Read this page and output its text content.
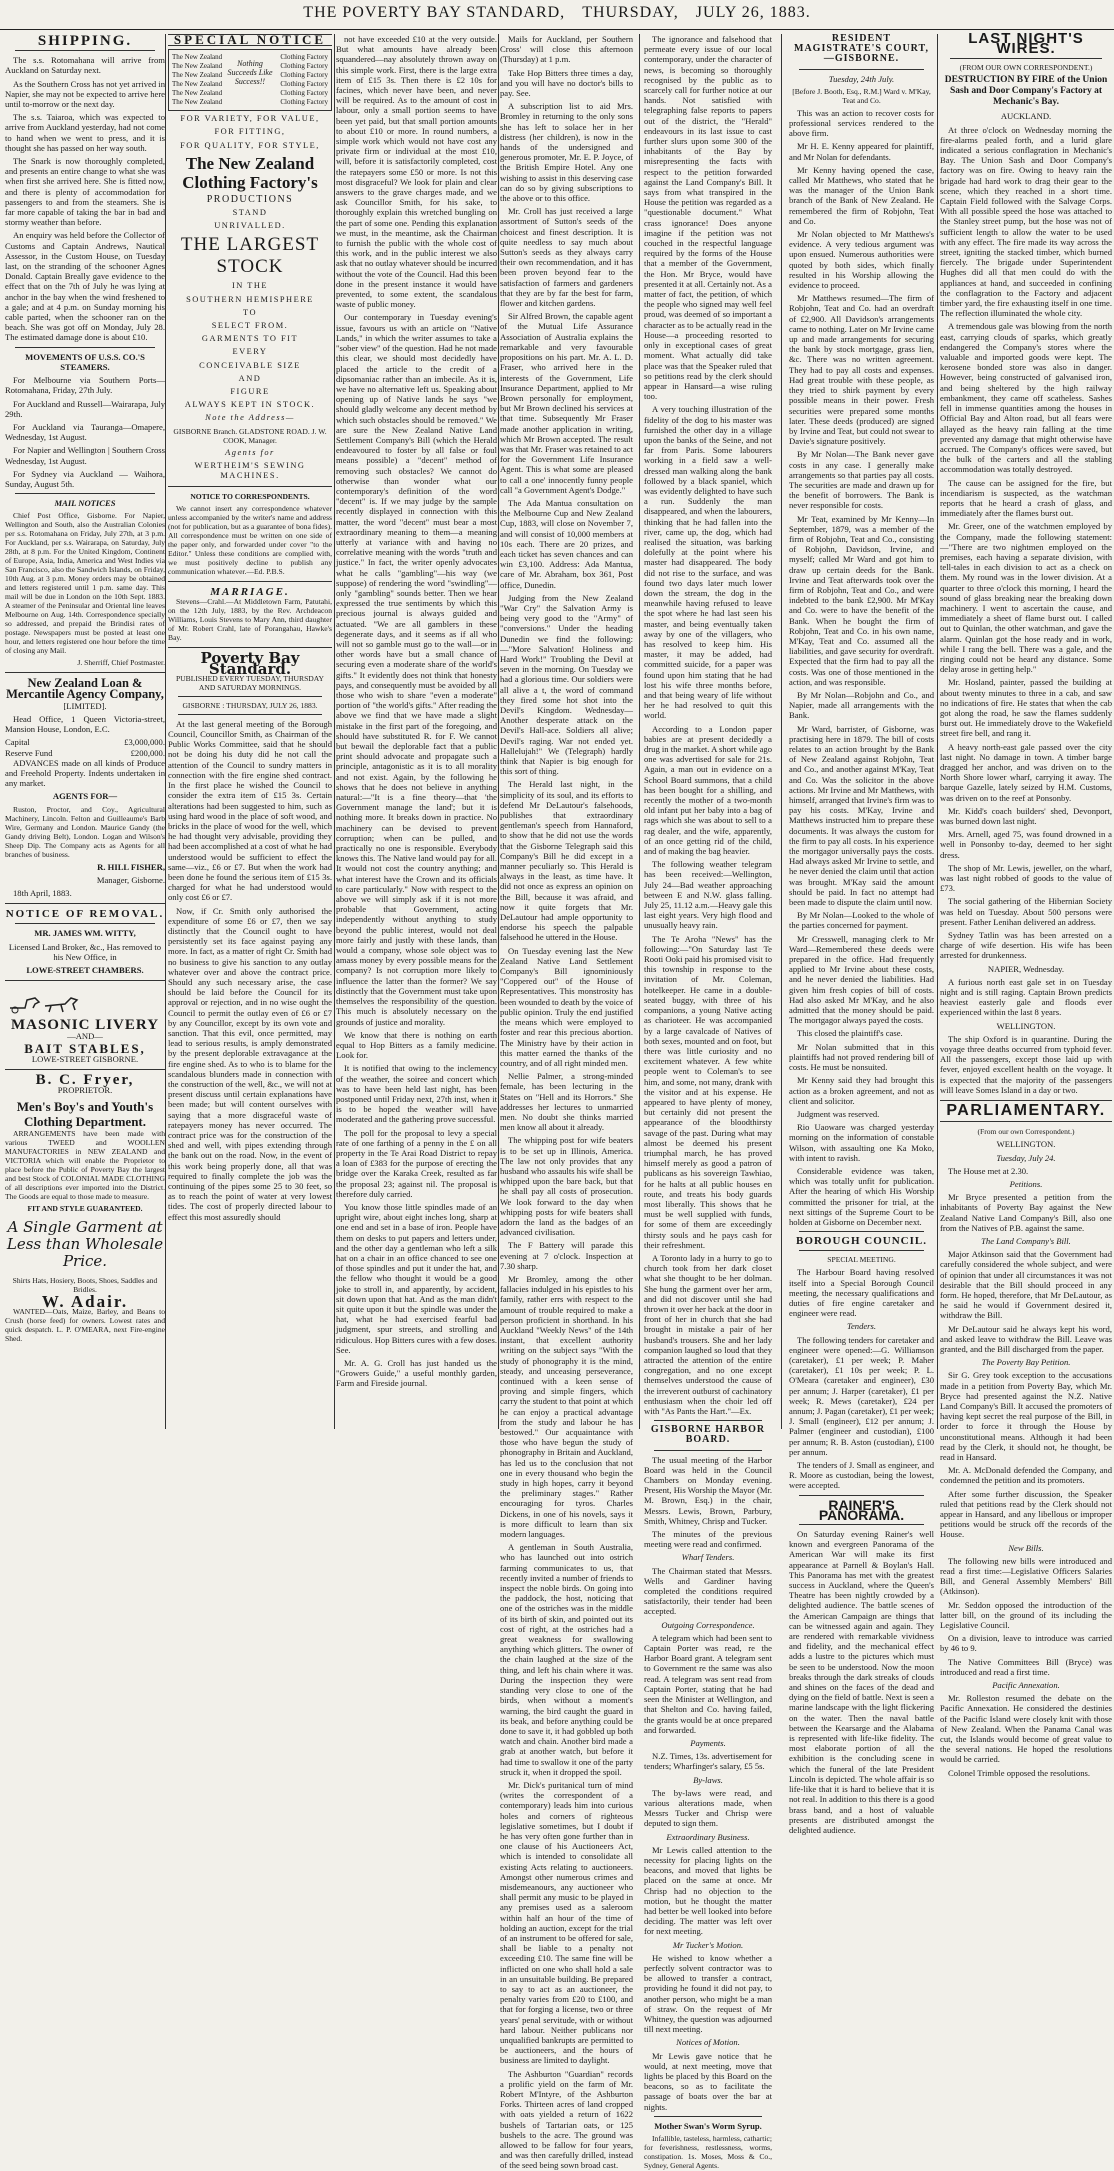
THE POVERTY BAY STANDARD, THURSDAY, JULY 26, 1883.
SHIPPING.

The s.s. Rotomahana will arrive from Auckland on Saturday next.

As the Southern Cross has not yet arrived in Napier, she may not be expected to arrive here until to-morrow or the next day.

The s.s. Taiaroa, which was expected to arrive from Auckland yesterday, had not come to hand when we went to press, and it is thought she has passed on her way south.

The Snark is now thoroughly completed, and presents an entire change to what she was when first she arrived here. She is fitted now, and there is plenty of accommodation for passengers to and from the steamers. She is far more capable of taking the bar in bad and stormy weather than before.

An enquiry was held before the Collector of Customs and Captain Andrews, Nautical Assessor, in the Custom House, on Tuesday last, on the stranding of the schooner Agnes Donald. Captain Breally gave evidence to the effect that on the 7th of July he was lying at anchor in the bay when the wind freshened to a gale; and at 4 p.m. on Sunday morning his cable parted, when the schooner ran on the beach. She was got off on Monday, July 28. The estimated damage done is about £10.

MOVEMENTS OF U.S.S. CO.'S STEAMERS.

For Melbourne via Southern Ports—Rotomahana, Friday, 27th July.

For Auckland and Russell—Wairarapa, July 29th.

For Auckland via Tauranga—Omapere, Wednesday, 1st August.

For Napier and Wellington | Southern Cross Wednesday, 1st August.

For Sydney via Auckland — Waihora, Sunday, August 5th.

MAIL NOTICES

Chief Post Office, Gisborne. For Napier, Wellington and South, also the Australian Colonies per s.s. Rotomahana on Friday, July 27th, at 3 p.m. For Auckland, per s.s. Wairarapa, on Saturday, July 28th, at 8 p.m. For the United Kingdom, Continent of Europe, Asia, India, America and West Indies via San Francisco, also the Sandwich Islands, on Friday, 10th Aug. at 3 p.m. Money orders may be obtained and letters registered until 1 p.m. same day. This mail will be due in London on the 10th Sept. 1883. A steamer of the Peninsular and Oriental line leaves Melbourne on Aug. 14th. Correspondence specially so addressed, and prepaid the Brindisi rates of postage. Newspapers must be posted at least one hour, and letters registered one hour before the time of closing any Mail.

J. Sherriff, Chief Postmaster.

New Zealand Loan & Mercantile Agency Company,

[LIMITED].

Head Office, 1 Queen Victoria-street, Mansion House, London, E.C.

Capital	£3,000,000.
Reserve Fund	£200,000.

ADVANCES made on all kinds of Produce and Freehold Property. Indents undertaken in any market.

AGENTS FOR—

Ruston, Proctor, and Coy., Agricultural Machinery, Lincoln. Felton and Guilleaume's Barb Wire, Germany and London. Maurice Gandy (the Gandy driving Belt), London. Logan and Wilson's Sheep Dip. The Company acts as Agents for all branches of business.

R. HILL FISHER,

Manager, Gisborne.

18th April, 1883.

NOTICE OF REMOVAL.

MR. JAMES WM. WITTY,

Licensed Land Broker, &c., Has removed to his New Office, in

LOWE-STREET CHAMBERS.

MASONIC LIVERY

—AND—

BAIT STABLES,

LOWE-STREET GISBORNE.

B. C. Fryer,

PROPRIETOR.

Men's Boy's and Youth's Clothing Department.

ARRANGEMENTS have been made with various TWEED and WOOLLEN MANUFACTORIES in NEW ZEALAND and VICTORIA which will enable the Proprietor to place before the Public of Poverty Bay the largest and best Stock of COLONIAL MADE CLOTHING of all descriptions ever imported into the District. The Goods are equal to those made to measure.

FIT AND STYLE GUARANTEED.

A Single Garment at Less than Wholesale Price.

Shirts Hats, Hosiery, Boots, Shoes, Saddles and Bridles.

W. Adair.

WANTED—Oats, Maize, Barley, and Beans to Crush (horse feed) for owners. Lowest rates and quick despatch. L. P. O'MEARA, next Fire-engine Shed.

SPECIAL NOTICE
The New Zealand
The New Zealand
The New Zealand
The New Zealand
The New Zealand
The New Zealand
Nothing Succeeds Like Success!!
Clothing Factory
Clothing Factory
Clothing Factory
Clothing Factory
Clothing Factory
Clothing Factory
FOR VARIETY, FOR VALUE,
FOR FITTING,
FOR QUALITY, FOR STYLE,
The New Zealand Clothing Factory's
PRODUCTIONS
STAND
UNRIVALLED.
THE LARGEST STOCK
IN THE
SOUTHERN HEMISPHERE
TO
SELECT FROM.
GARMENTS TO FIT
EVERY
CONCEIVABLE SIZE
AND
FIGURE
ALWAYS KEPT IN STOCK.
Note the Address—

GISBORNE Branch. GLADSTONE ROAD. J. W. COOK, Manager.

Agents for
WERTHEIM'S SEWING MACHINES.

NOTICE TO CORRESPONDENTS.

We cannot insert any correspondence whatever unless accompanied by the writer's name and address (not for publication, but as a guarantee of bona fides). All correspondence must be written on one side of the paper only, and forwarded under cover "to the Editor." Unless these conditions are complied with, we must positively decline to publish any communication whatever.—Ed. P.B.S.

MARRIAGE.

Stevens—Crahl.—At Middletown Farm, Patutahi, on the 12th July, 1883, by the Rev. Archdeacon Williams, Louis Stevens to Mary Ann, third daughter of Mr. Robert Crahl, late of Porangahau, Hawke's Bay.

Poverty Bay Standard.

PUBLISHED EVERY TUESDAY, THURSDAY AND SATURDAY MORNINGS.

GISBORNE : THURSDAY, JULY 26, 1883.

At the last general meeting of the Borough Council, Councillor Smith, as Chairman of the Public Works Committee, said that he should not be doing his duty did he not call the attention of the Council to sundry matters in connection with the fire engine shed contract. In the first place he wished the Council to consider the extra item of £15 3s. Certain alterations had been suggested to him, such as using hard wood in the place of soft wood, and bricks in the place of wood for the well, which he had thought very advisable, providing they had been accomplished at a cost of what he had understood would be sufficient to effect the same—viz., £6 or £7. But when the work had been done he found the serious item of £15 3s. charged for what he had understood would only cost £6 or £7.

Now, if Cr. Smith only authorised the expenditure of some £6 or £7, then we say distinctly that the Council ought to have persistently set its face against paying any more. In fact, as a matter of right Cr. Smith had no business to give his sanction to any outlay whatever over and above the contract price. Should any such necessary arise, the case should be laid before the Council for its approval or rejection, and in no wise ought the Council to permit the outlay even of £6 or £7 by any Councillor, except by its own vote and sanction. That this evil, once permitted, may lead to serious results, is amply demonstrated by the present deplorable extravagance at the fire engine shed. As to who is to blame for the scandalous blunders made in connection with the construction of the well, &c., we will not at present discuss until certain explanations have been made; but will content ourselves with saying that a more disgraceful waste of ratepayers money has never occurred. The contract price was for the construction of the shed and well, with pipes extending through the bank out on the road. Now, in the event of this work being properly done, all that was required to finally complete the job was the continuing of the pipes some 25 to 30 feet, so as to reach the point of water at very lowest tides. The cost of properly directed labour to effect this most assuredly should

not have exceeded £10 at the very outside. But what amounts have already been squandered—nay absolutely thrown away on this simple work. First, there is the large extra item of £15 3s. Then there is £2 10s for facines, which never have been, and never will be required. As to the amount of cost in labour, only a small portion seems to have been yet paid, but that small portion amounts to about £10 or more. In round numbers, a simple work which would not have cost any private firm or individual at the most £10, will, before it is satisfactorily completed, cost the ratepayers some £50 or more. Is not this most disgraceful? We look for plain and clear answers to the grave charges made, and we ask Councillor Smith, for his sake, to thoroughly explain this wretched bungling on the part of some one. Pending this explanation we must, in the meantime, ask the Chairman to furnish the public with the whole cost of this work, and in the public interest we also ask that no outlay whatever should be incurred without the vote of the Council. Had this been done in the present instance it would have prevented, to some extent, the scandalous waste of public money.

Our contemporary in Tuesday evening's issue, favours us with an article on "Native Lands," in which the writer assumes to take a "sober view" of the question. Had he not made this clear, we should most decidedly have placed the article to the credit of a dipsomaniac rather than an imbecile. As it is, we have no alternative left us. Speaking about opening up of Native lands he says "we should gladly welcome any decent method by which such obstacles should be removed." We are sure the New Zealand Native Land Settlement Company's Bill (which the Herald endeavoured to foster by all false or foul means possible) a "decent" method of removing such obstacles? We cannot do otherwise than wonder what our contemporary's definition of the word "decent" is. If we may judge by the sample recently displayed in connection with this matter, the word "decent" must bear a most extraordinary meaning to them—a meaning utterly at variance with and having no correlative meaning with the words "truth and justice." In fact, the writer openly advocates what he calls "gambling"—his way (we suppose) of rendering the word "swindling"—only "gambling" sounds better. Then we hear expressed the true sentiments by which this precious journal is always guided and actuated. "We are all gamblers in these degenerate days, and it seems as if all who will not so gamble must go to the wall—or in other words have but a small chance of securing even a moderate share of the world's gifts." It evidently does not think that honesty pays, and consequently must be avoided by all those who wish to share "even a moderate" portion of "the world's gifts." After reading the above we find that we have made a slight mistake in the first part of the foregoing, and should have substituted R. for F. We cannot but bewail the deplorable fact that a public print should advocate and propagate such a principle, antagonistic as it is to all morality and not exist. Again, by the following he shows that he does not believe in anything natural:—"It is a fine theory—that 'the Government manage the land'; but it is nothing more. It breaks down in practice. No machinery can be devised to prevent corruption; when can be pulled, and practically no one is responsible. Everybody knows this. The Native land would pay for all. It would not cost the country anything; and what interest have the Crown and its officials to care particularly." Now with respect to the above we will simply ask if it is not more probable that Government, acting independently without anything to study beyond the public interest, would not deal more fairly and justly with these lands, than would a company, whose sole object was to amass money by every possible means for the company? Is not corruption more likely to influence the latter than the former? We say distinctly that the Government must take upon themselves the responsibility of the question. This much is absolutely necessary on the grounds of justice and morality.

We know that there is nothing on earth equal to Hop Bitters as a family medicine. Look for.

It is notified that owing to the inclemency of the weather, the soiree and concert which was to have been held last night, has been postponed until Friday next, 27th inst, when it is to be hoped the weather will have moderated and the gathering prove successful.

The poll for the proposal to levy a special rate of one farthing of a penny in the £ on all property in the Te Arai Road District to repay a loan of £383 for the purpose of erecting the bridge over the Karaka Creek, resulted as far the proposal 23; against nil. The proposal is therefore duly carried.

You know those little spindles made of an upright wire, about eight inches long, sharp at one end and set in a base of iron. People have them on desks to put papers and letters under, and the other day a gentleman who left a silk hat on a chair in an office chanced to see one of those spindles and put it under the hat, and the fellow who thought it would be a good joke to stroll in, and apparently, by accident, sit down upon that hat. And as the man didn't sit quite upon it but the spindle was under the hat, what he had exercised fearful bad judgment, spur streets, and strolling and ridiculous. Hop Bitters cures with a few doses. See.

Mr. A. G. Croll has just handed us the "Growers Guide," a useful monthly garden, Farm and Fireside journal.

Mails for Auckland, per Southern Cross' will close this afternoon (Thursday) at 1 p.m.

Take Hop Bitters three times a day, and you will have no doctor's bills to pay. See.

A subscription list to aid Mrs. Bromley in returning to the only sons she has left to solace her in her distress (her children), is now in the hands of the undersigned and generous promoter, Mr. E. P. Joyce, of the British Empire Hotel. Any one wishing to assist in this deserving case can do so by giving subscriptions to the above or to this office.

Mr. Croll has just received a large assortment of Sutton's seeds of the choicest and finest description. It is quite needless to say much about Sutton's seeds as they always carry their own recommendation, and it has been proven beyond fear to the satisfaction of farmers and gardeners that they are by far the best for farm, flower and kitchen gardens.

Sir Alfred Brown, the capable agent of the Mutual Life Assurance Association of Australia explains the remarkable and very favourable propositions on his part. Mr. A. L. D. Fraser, who arrived here in the interests of the Government, Life Insurance Department, applied to Mr Brown personally for employment, but Mr Brown declined his services at that time. Subsequently Mr Fraser made another application in writing, which Mr Brown accepted. The result was that Mr. Fraser was retained to act for the Government Life Insurance Agent. This is what some are pleased to call a one' innocently funny people call "a Government Agent's Dodge."

The Ada Mantua consultation on the Melbourne Cup and New Zealand Cup, 1883, will close on November 7, and will consist of 10,000 members at 10s each. There are 20 prizes, and each ticket has seven chances and can win £3,100. Address: Ada Mantua, care of Mr. Abraham, box 361, Post office, Dunedin.

Judging from the New Zealand "War Cry" the Salvation Army is being very good to the "Army" of "conversions." Under the heading Dunedin we find the following:—"More Salvation! Holiness and Hard Work!" Troubling the Devil at seven in the morning. On Tuesday we had a glorious time. Our soldiers were all alive a t, the word of command they fired some hot shot into the Devil's Kingdom. Wednesday—Another desperate attack on the Devil's Hall-ace. Soldiers all alive; Devil's raging. War not ended yet. Hallelujah!" We (Telegraph) hardly think that Napier is big enough for this sort of thing.

The Herald last night, in the simplicity of its soul, and its efforts to defend Mr DeLautour's falsehoods, publishes that extraordinary gentleman's speech from Hannaford, to show that he did not use the words that the Gisborne Telegraph said this Company's Bill he did except in a manner peculiarly so. This Herald is always in the least, as time have. It did not once as express an opinion on the Bill, because it was afraid, and now it quite forgets that Mr. DeLautour had ample opportunity to endorse his speech the palpable falsehood he uttered in the House.

On Tuesday evening last the New Zealand Native Land Settlement Company's Bill ignominiously "Coppered out" of the House of Representatives. This monstrosity has been wounded to death by the voice of public opinion. Truly the end justified the means which were employed to foster and rear this precious abortion. The Ministry have by their action in this matter earned the thanks of the country, and of all right minded men.

Nellie Palmer, a strong-minded female, has been lecturing in the States on "Hell and its Horrors." She addresses her lectures to unmarried men. No doubt she thinks married men know all about it already.

The whipping post for wife beaters is to be set up in Illinois, America. The law not only provides that any husband who assaults his wife shall be whipped upon the bare back, but that he shall pay all costs of prosecution. We look forward to the day when whipping posts for wife beaters shall adorn the land as the badges of an advanced civilisation.

The F Battery will parade this evening at 7 o'clock. Inspection at 7.30 sharp.

Mr Bromley, among the other fallacies indulged in his epistles to his family, rather errs with respect to the amount of trouble required to make a person proficient in shorthand. In his Auckland "Weekly News" of the 14th instant, that excellent authority writing on the subject says "With the study of phonography it is the mind, steady, and unceasing perseverance, continued with a keen sense of proving and simple fingers, which carry the student to that point at which he can enjoy a practical advantage from the study and labour he has bestowed." Our acquaintance with those who have begun the study of phonography in Britain and Auckland, has led us to the conclusion that not one in every thousand who begin the study in high hopes, carry it beyond the preliminary stages." Rather encouraging for tyros. Charles Dickens, in one of his novels, says it is more difficult to learn than six modern languages.

A gentleman in South Australia, who has launched out into ostrich farming communicates to us, that recently invited a number of friends to inspect the noble birds. On going into the paddock, the host, noticing that one of the ostriches was in the middle of its birth of skin, and pointed out its cost of right, at the ostriches had a great weakness for swallowing anything which glitters. The owner of the chain laughed at the size of the thing, and left his chain where it was. During the inspection they were standing very close to one of the birds, when without a moment's warning, the bird caught the guard in its beak, and before anything could be done to save it, it had gobbled up both watch and chain. Another bird made a grab at another watch, but before it had time to swallow it one of the party struck it, when it dropped the spoil.

Mr. Dick's puritanical turn of mind (writes the correspondent of a contemporary) leads him into curious holes and corners of righteous legislative sometimes, but I doubt if he has very often gone further than in one clause of his Auctioneers Act, which is intended to consolidate all existing Acts relating to auctioneers. Amongst other numerous crimes and misdemeanours, any auctioneer who shall permit any music to be played in any premises used as a saleroom within half an hour of the time of holding an auction, except for the trial of an instrument to be offered for sale, shall be liable to a penalty not exceeding £10. The same fine will be inflicted on one who shall hold a sale in an unsuitable building. Be prepared to say to act as an auctioneer, the penalty varies from £20 to £100, and that for forging a license, two or three years' penal servitude, with or without hard labour. Neither publicans nor unqualified bankrupts are permitted to be auctioneers, and the hours of business are limited to daylight.

The Ashburton "Guardian" records a prolific yield on the farm of Mr. Robert M'Intyre, of the Ashburton Forks. Thirteen acres of land cropped with oats yielded a return of 1622 bushels of Tartarian oats, or 125 bushels to the acre. The ground was allowed to be fallow for four years, and was then carefully drilled, instead of the seed being sown broad cast.

The ignorance and falsehood that permeate every issue of our local contemporary, under the character of news, is becoming so thoroughly recognised by the public as to scarcely call for further notice at our hands. Not satisfied with telegraphing false reports to papers out of the district, the "Herald" endeavours in its last issue to cast further slurs upon some 300 of the inhabitants of the Bay by misrepresenting the facts with respect to the petition forwarded against the Land Company's Bill. It says from what transpired in the House the petition was regarded as a "questionable document." What crass ignorance! Does anyone imagine if the petition was not couched in the respectful language required by the forms of the House that a member of the Government, the Hon. Mr Bryce, would have presented it at all. Certainly not. As a matter of fact, the petition, of which the people who signed may well feel proud, was deemed of so important a character as to be actually read in the House—a proceeding resorted to only in exceptional cases of great moment. What actually did take place was that the Speaker ruled that so petitions read by the clerk should appear in Hansard—a wise ruling too.

A very touching illustration of the fidelity of the dog to his master was furnished the other day in a village upon the banks of the Seine, and not far from Paris. Some labourers working in a field saw a well-dressed man walking along the bank followed by a black spaniel, which was evidently delighted to have such a run. Suddenly the man disappeared, and when the labourers, thinking that he had fallen into the river, came up, the dog, which had realised the situation, was barking dolefully at the point where his master had disappeared. The body did not rise to the surface, and was found two days later much lower down the stream, the dog in the meanwhile having refused to leave the spot where he had last seen his master, and being eventually taken away by one of the villagers, who has resolved to keep him. His master, it may be added, had committed suicide, for a paper was found upon him stating that he had lost his wife three months before, and that being weary of life without her he had resolved to quit this world.

According to a London paper babies are at present decidedly a drug in the market. A short while ago one was advertised for sale for 21s. Again, a man out in evidence on a School Board summons, that a child has been bought for a shilling, and recently the mother of a two-month old infant put her baby into a bag of rags which she was about to sell to a rag dealer, and the wife, apparently, of an once getting rid of the child, and of making the bag heavier.

The following weather telegram has been received:—Wellington, July 24—Bad weather approaching between E and N.W. glass falling. July 25, 11.12 a.m.—Heavy gale this last eight years. Very high flood and unusually heavy rain.

The Te Aroha "News" has the following:—"On Saturday last Te Rooti Ooki paid his promised visit to this township in response to the invitation of Mr. Coleman, hotelkeeper. He came in a double-seated buggy, with three of his companions, a young Native acting as charioteer. He was accompanied by a large cavalcade of Natives of both sexes, mounted and on foot, but there was little curiosity and no excitement whatever. A few white people went to Coleman's to see him, and some, not many, drank with the visitor and at his expense. He appeared to have plenty of money, but certainly did not present the appearance of the bloodthirsty savage of the past. During what may almost be deemed his present triumphal march, he has proved himself merely as good a patron of publicans as his sovereign Tawhiao, for he halts at all public houses en route, and treats his body guards most liberally. This shows that he must be well supplied with funds, for some of them are exceedingly thirsty souls and he pays cash for their refreshment.

A Toronto lady in a hurry to go to church took from her dark closet what she thought to be her dolman. She hung the garment over her arm, and did not discover until she had thrown it over her back at the door in front of her in church that she had brought in mistake a pair of her husband's trousers. She and her lady companion laughed so loud that they attracted the attention of the entire congregation, and no one except themselves understood the cause of the irreverent outburst of cachinatory enthusiasm when the choir led off with "As Pants the Hart."—Ex.

GISBORNE HARBOR BOARD.

The usual meeting of the Harbor Board was held in the Council Chambers on Monday evening. Present, His Worship the Mayor (Mr. M. Brown, Esq.) in the chair, Messrs. Lewis, Brown, Parbury, Smith, Whitney, Chrisp and Tucker.

The minutes of the previous meeting were read and confirmed.

Wharf Tenders.

The Chairman stated that Messrs. Wells and Gardiner having completed the conditions required satisfactorily, their tender had been accepted.

Outgoing Correspondence.

A telegram which had been sent to Captain Porter was read, re the Harbor Board grant. A telegram sent to Government re the same was also read. A telegram was sent read from Captain Porter, stating that he had seen the Minister at Wellington, and that Shelton and Co. having failed, the grants would be at once prepared and forwarded.

Payments.

N.Z. Times, 13s. advertisement for tenders; Wharfinger's salary, £5 5s.

By-laws.

The by-laws were read, and various alterations made, when Messrs Tucker and Chrisp were deputed to sign them.

Extraordinary Business.

Mr Lewis called attention to the necessity for placing lights on the beacons, and moved that lights be placed on the same at once. Mr Chrisp had no objection to the motion, but he thought the matter had better be well looked into before deciding. The matter was left over for next meeting.

Mr Tucker's Motion.

He wished to know whether a perfectly solvent contractor was to be allowed to transfer a contract, providing he found it did not pay, to another person, who might be a man of straw. On the request of Mr Whitney, the question was adjourned till next meeting.

Notices of Motion.

Mr Lewis gave notice that he would, at next meeting, move that lights be placed by this Board on the beacons, so as to facilitate the passage of boats over the bar at nights.

Mother Swan's Worm Syrup.

Infallible, tasteless, harmless, cathartic; for feverishness, restlessness, worms, constipation. 1s. Moses, Moss & Co., Sydney, General Agents.

RESIDENT MAGISTRATE'S COURT,—GISBORNE.

Tuesday, 24th July.

[Before J. Booth, Esq., R.M.] Ward v. M'Kay, Teat and Co.

This was an action to recover costs for professional services rendered to the above firm.

Mr H. E. Kenny appeared for plaintiff, and Mr Nolan for defendants.

Mr Kenny having opened the case, called Mr Matthews, who stated that he was the manager of the Union Bank branch of the Bank of New Zealand. He remembered the firm of Robjohn, Teat and Co.

Mr Nolan objected to Mr Matthews's evidence. A very tedious argument was upon ensued. Numerous authorities were quoted by both sides, which finally resulted in his Worship allowing the evidence to proceed.

Mr Matthews resumed—The firm of Robjohn, Teat and Co. had an overdraft of £2,900. All Davidson's arrangements came to nothing. Later on Mr Irvine came up and made arrangements for securing the bank by stock mortgage, grass lien, &c. There was no written agreement. They had to pay all costs and expenses. Had great trouble with these people, as they tried to shirk payment by every possible means in their power. Fresh securities were prepared some months later. These deeds (produced) are signed by Irvine and Teat, but could not swear to Davie's signature positively.

By Mr Nolan—The Bank never gave costs in any case. I generally make arrangements so that parties pay all costs. The securities are made and drawn up for the benefit of borrowers. The Bank is never responsible for costs.

Mr Teat, examined by Mr Kenny—In September, 1879, was a member of the firm of Robjohn, Teat and Co., consisting of Robjohn, Davidson, Irvine, and myself; called Mr Ward and got him to draw up certain deeds for the Bank. Irvine and Teat afterwards took over the firm of Robjohn, Teat and Co., and were indebted to the bank £2,900. Mr M'Kay and Co. were to have the benefit of the Bank. When he bought the firm of Robjohn, Teat and Co. in his own name, M'Kay, Teat and Co. assumed all the liabilities, and gave security for overdraft. Expected that the firm had to pay all the costs. Was one of those mentioned in the action, and was responsible.

By Mr Nolan—Robjohn and Co., and Napier, made all arrangements with the Bank.

Mr Ward, barrister, of Gisborne, was practising here in 1879. The bill of costs relates to an action brought by the Bank of New Zealand against Robjohn, Teat and Co., and another against M'Kay, Teat and Co. Was the solicitor in the above actions. Mr Irvine and Mr Matthews, with himself, arranged that Irvine's firm was to pay his costs. M'Kay, Irvine and Matthews instructed him to prepare these documents. It was always the custom for the firm to pay all costs. In his experience the mortgagor universally pays the costs. Had always asked Mr Irvine to settle, and he never denied the claim until that action was brought. M'Kay said the amount should be paid. In fact no attempt had been made to dispute the claim until now.

By Mr Nolan—Looked to the whole of the parties concerned for payment.

Mr Cresswell, managing clerk to Mr Ward—Remembered these deeds were prepared in the office. Had frequently applied to Mr Irvine about these costs, and he never denied the liabilities. Had given him fresh copies of bill of costs. Had also asked Mr M'Kay, and he also admitted that the money should be paid. The mortgagor always payed the costs.

This closed the plaintiff's case.

Mr Nolan submitted that in this plaintiffs had not proved rendering bill of costs. He must be nonsuited.

Mr Kenny said they had brought this action as a broken agreement, and not as client and solicitor.

Judgment was reserved.

Rio Uaoware was charged yesterday morning on the information of constable Wilson, with assaulting one Ka Moko, with intent to ravish.

Considerable evidence was taken, which was totally unfit for publication. After the hearing of which His Worship committed the prisoner for trial, at the next sittings of the Supreme Court to be holden at Gisborne on December next.

BOROUGH COUNCIL.

SPECIAL MEETING.

The Harbour Board having resolved itself into a Special Borough Council meeting, the necessary qualifications and duties of fire engine caretaker and engineer were read.

Tenders.

The following tenders for caretaker and engineer were opened:—G. Williamson (caretaker), £1 per week; P. Maher (caretaker), £1 10s per week; P. L. O'Meara (caretaker and engineer), £30 per annum; J. Harper (caretaker), £1 per week; R. Mews (caretaker), £24 per annum; J. Pagan (caretaker), £1 per week; J. Small (engineer), £12 per annum; J. Palmer (engineer and custodian), £100 per annum; R. B. Aston (custodian), £100 per annum.

The tenders of J. Small as engineer, and R. Moore as custodian, being the lowest, were accepted.

RAINER'S PANORAMA.

On Saturday evening Rainer's well known and evergreen Panorama of the American War will make its first appearance at Parnell & Boylan's Hall. This Panorama has met with the greatest success in Auckland, where the Queen's Theatre has been nightly crowded by a delighted audience. The battle scenes of the American Campaign are things that can be witnessed again and again. They are rendered with remarkable vividness and fidelity, and the mechanical effect adds a lustre to the pictures which must be seen to be understood. Now the moon breaks through the dark streaks of clouds and shines on the faces of the dead and dying on the field of battle. Next is seen a marine landscape with the light flickering on the water. Then the naval battle between the Kearsarge and the Alabama is represented with life-like fidelity. The most elaborate portion of all the exhibition is the concluding scene in which the funeral of the late President Lincoln is depicted. The whole affair is so life-like that it is hard to believe that it is not real. In addition to this there is a good brass band, and a host of valuable presents are distributed amongst the delighted audience.

LAST NIGHT'S WIRES.

(FROM OUR OWN CORRESPONDENT.)

DESTRUCTION BY FIRE of the Union Sash and Door Company's Factory at Mechanic's Bay.

AUCKLAND.

At three o'clock on Wednesday morning the fire-alarms pealed forth, and a lurid glare indicated a serious conflagration in Mechanic's Bay. The Union Sash and Door Company's factory was on fire. Owing to heavy rain the brigade had hard work to drag their gear to the scene, which they reached in a short time. Captain Field followed with the Salvage Corps. With all possible speed the hose was attached to the Stanley street pump, but the hose was not of sufficient length to allow the water to be used with any effect. The fire made its way across the street, igniting the stacked timber, which burned fiercely. The brigade under Superintendent Hughes did all that men could do with the appliances at hand, and succeeded in confining the conflagration to the Factory and adjacent timber yard, the fire exhausting itself in one time. The reflection illuminated the whole city.

A tremendous gale was blowing from the north east, carrying clouds of sparks, which greatly endangered the Company's stores where the valuable and imported goods were kept. The kerosene bonded store was also in danger. However, being constructed of galvanised iron, and being sheltered by the high railway embankment, they came off scatheless. Sashes fell in immense quantities among the houses in Official Bay and Alton road, but all fears were allayed as the heavy rain falling at the time prevented any damage that might otherwise have accrued. The Company's offices were saved, but the bulk of the carters and all the stabling accommodation was totally destroyed.

The cause can be assigned for the fire, but incendiarism is suspected, as the watchman reports that he heard a crash of glass, and immediately after the flames burst out.

Mr. Greer, one of the watchmen employed by the Company, made the following statement:—"There are two nightmen employed on the premises, each having a separate division, with tell-tales in each division to act as a check on them. My round was in the lower division. At a quarter to three o'clock this morning, I heard the sound of glass breaking near the breaking down machinery. I went to ascertain the cause, and immediately a sheet of flame burst out. I called out to Quinlan, the other watchman, and gave the alarm. Quinlan got the hose ready and in work, while I rang the bell. There was a gale, and the ringing could not be heard any distance. Some delay arose in getting help."

Mr. Hosland, painter, passed the building at about twenty minutes to three in a cab, and saw no indications of fire. He states that when the cab got along the road, he saw the flames suddenly burst out. He immediately drove to the Wakefield street fire bell, and rang it.

A heavy north-east gale passed over the city last night. No damage in town. A timber barge dragged her anchor, and was driven on to the North Shore lower wharf, carrying it away. The barque Gazelle, lately seized by H.M. Customs, was driven on to the reef at Ponsonby.

Mr. Kidd's coach builders' shed, Devonport, was burned down last night.

Mrs. Arnell, aged 75, was found drowned in a well in Ponsonby to-day, deemed to her sight dress.

The shop of Mr. Lewis, jeweller, on the wharf, was last night robbed of goods to the value of £73.

The social gathering of the Hibernian Society was held on Tuesday. About 500 persons were present. Father Lenihan delivered an address.

Sydney Tatlin was has been arrested on a charge of wife desertion. His wife has been arrested for drunkenness.

NAPIER, Wednesday.

A furious north east gale set in on Tuesday night and is still raging. Captain Brown predicts heaviest easterly gale and floods ever experienced within the last 8 years.

WELLINGTON.

The ship Oxford is in quarantine. During the voyage three deaths occurred from typhoid fever. All the passengers, except those laid up with fever, enjoyed excellent health on the voyage. It is expected that the majority of the passengers will leave Somes Island in a day or two.

PARLIAMENTARY.

(From our own Correspondent.)

WELLINGTON.

Tuesday, July 24.

The House met at 2.30.

Petitions.

Mr Bryce presented a petition from the inhabitants of Poverty Bay against the New Zealand Native Land Company's Bill, also one from the Natives of P.B. against the same.

The Land Company's Bill.

Major Atkinson said that the Government had carefully considered the whole subject, and were of opinion that under all circumstances it was not desirable that the Bill should proceed in any form. He hoped, therefore, that Mr DeLautour, as he said he would if Government desired it, withdraw the Bill.

Mr DeLautour said he always kept his word, and asked leave to withdraw the Bill. Leave was granted, and the Bill discharged from the paper.

The Poverty Bay Petition.

Sir G. Grey took exception to the accusations made in a petition from Poverty Bay, which Mr. Bryce had presented against the N.Z. Native Land Company's Bill. It accused the promoters of having kept secret the real purpose of the Bill, in order to force it through the House by unconstitutional means. Although it had been read by the Clerk, it should not, he thought, be read in Hansard.

Mr. A. McDonald defended the Company, and condemned the petition and its promoters.

After some further discussion, the Speaker ruled that petitions read by the Clerk should not appear in Hansard, and any libellous or improper petitions would be struck off the records of the House.

New Bills.

The following new bills were introduced and read a first time:—Legislative Officers Salaries Bill, and General Assembly Members' Bill (Atkinson).

Mr. Seddon opposed the introduction of the latter bill, on the ground of its including the Legislative Council.

On a division, leave to introduce was carried by 46 to 9.

The Native Committees Bill (Bryce) was introduced and read a first time.

Pacific Annexation.

Mr. Rolleston resumed the debate on the Pacific Annexation. He considered the destinies of the Pacific Island were closely knit with those of New Zealand. When the Panama Canal was cut, the Islands would become of great value to the several nations. He hoped the resolutions would be carried.

Colonel Trimble opposed the resolutions.
